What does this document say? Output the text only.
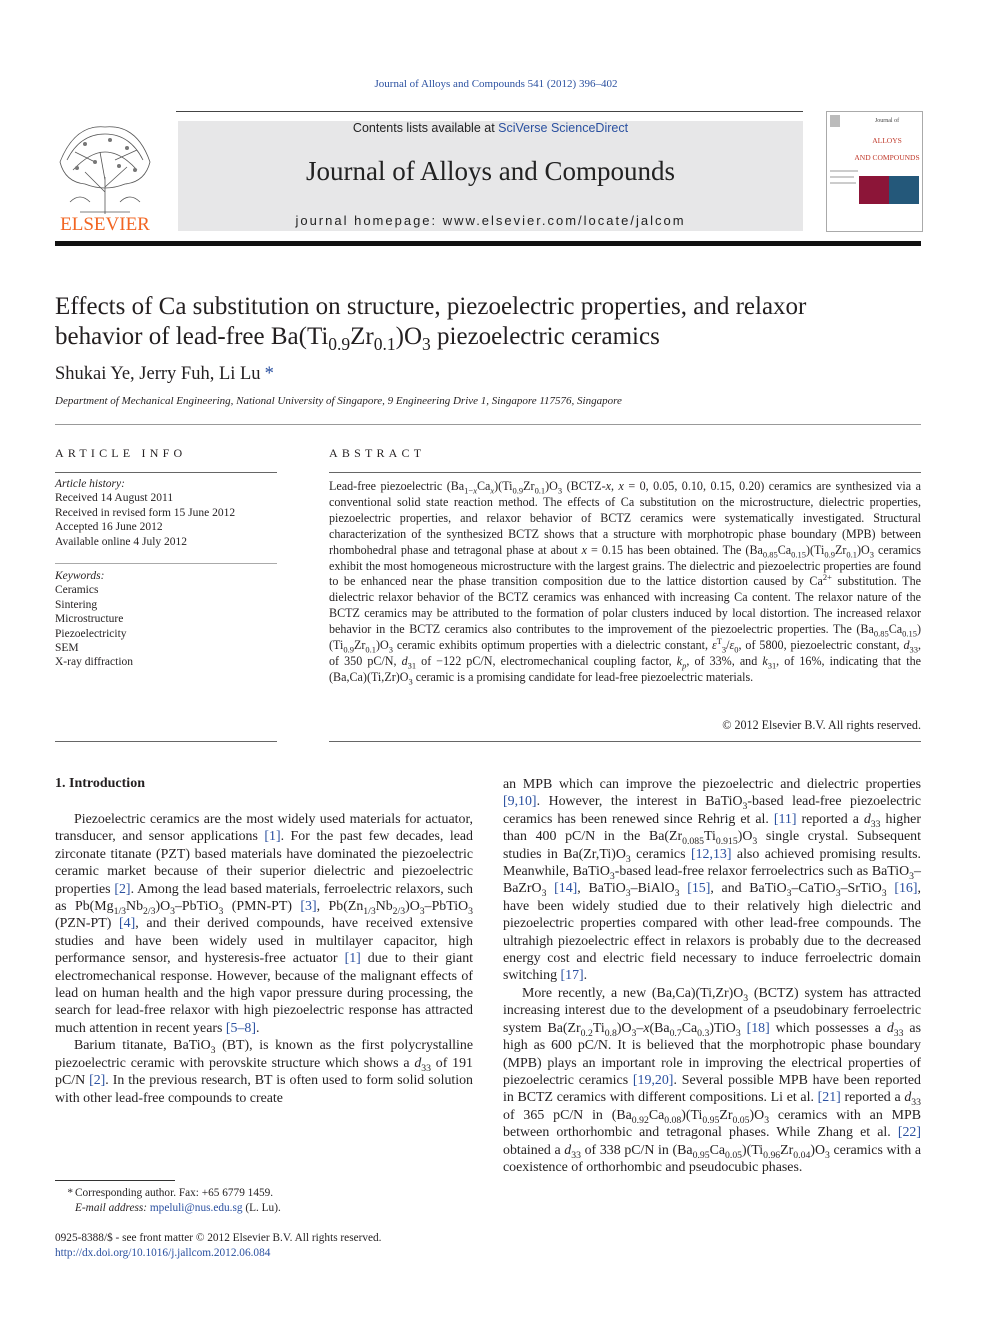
Journal of Alloys and Compounds 541 (2012) 396–402
ELSEVIER
Contents lists available at SciVerse ScienceDirect
Journal of Alloys and Compounds
journal homepage: www.elsevier.com/locate/jalcom
Journal of
ALLOYS
AND COMPOUNDS
Effects of Ca substitution on structure, piezoelectric properties, and relaxor
behavior of lead-free $Ba(Ti_{0.9}Zr_{0.1})O_3$ piezoelectric ceramics
Shukai Ye, Jerry Fuh, Li Lu *
Department of Mechanical Engineering, National University of Singapore, 9 Engineering Drive 1, Singapore 117576, Singapore
ARTICLE INFO
Article history:
Received 14 August 2011
Received in revised form 15 June 2012
Accepted 16 June 2012
Available online 4 July 2012
Keywords:
Ceramics
Sintering
Microstructure
Piezoelectricity
SEM
X-ray diffraction
ABSTRACT
Lead-free piezoelectric $(Ba_{1-x}Ca_x)(Ti_{0.9}Zr_{0.1})O_3$ (BCTZ-x, x = 0, 0.05, 0.10, 0.15, 0.20) ceramics are synthesized via a conventional solid state reaction method. The effects of Ca substitution on the microstructure, dielectric properties, piezoelectric properties, and relaxor behavior of BCTZ ceramics were systematically investigated. Structural characterization of the synthesized BCTZ shows that a structure with morphotropic phase boundary (MPB) between rhombohedral phase and tetragonal phase at about x = 0.15 has been obtained. The $(Ba_{0.85}Ca_{0.15})(Ti_{0.9}Zr_{0.1})O_3$ ceramics exhibit the most homogeneous microstructure with the largest grains. The dielectric and piezoelectric properties are found to be enhanced near the phase transition composition due to the lattice distortion caused by $Ca^{2+}$ substitution. The dielectric relaxor behavior of the BCTZ ceramics was enhanced with increasing Ca content. The relaxor nature of the BCTZ ceramics may be attributed to the formation of polar clusters induced by local distortion. The increased relaxor behavior in the BCTZ ceramics also contributes to the improvement of the piezoelectric properties. The $(Ba_{0.85}Ca_{0.15})(Ti_{0.9}Zr_{0.1})O_3$ ceramic exhibits optimum properties with a dielectric constant, $\varepsilon^T_3/\varepsilon_0$, of 5800, piezoelectric constant, $d_{33}$, of 350 pC/N, $d_{31}$ of −122 pC/N, electromechanical coupling factor, $k_p$, of 33%, and $k_{31}$, of 16%, indicating that the $(Ba,Ca)(Ti,Zr)O_3$ ceramic is a promising candidate for lead-free piezoelectric materials.
© 2012 Elsevier B.V. All rights reserved.
1. Introduction

Piezoelectric ceramics are the most widely used materials for actuator, transducer, and sensor applications [1]. For the past few decades, lead zirconate titanate (PZT) based materials have dominated the piezoelectric ceramic market because of their superior dielectric and piezoelectric properties [2]. Among the lead based materials, ferroelectric relaxors, such as $Pb(Mg_{1/3}Nb_{2/3})O_3-PbTiO_3$ (PMN-PT) [3], $Pb(Zn_{1/3}Nb_{2/3})O_3-PbTiO_3$ (PZN-PT) [4], and their derived compounds, have received extensive studies and have been widely used in multilayer capacitor, high performance sensor, and hysteresis-free actuator [1] due to their giant electromechanical response. However, because of the malignant effects of lead on human health and the high vapor pressure during processing, the search for lead-free relaxor with high piezoelectric response has attracted much attention in recent years [5–8].

Barium titanate, BaTiO$_3$ (BT), is known as the first polycrystalline piezoelectric ceramic with perovskite structure which shows a $d_{33}$ of 191 pC/N [2]. In the previous research, BT is often used to form solid solution with other lead-free compounds to create

an MPB which can improve the piezoelectric and dielectric properties [9,10]. However, the interest in BaTiO$_3$-based lead-free piezoelectric ceramics has been renewed since Rehrig et al. [11] reported a $d_{33}$ higher than 400 pC/N in the $Ba(Zr_{0.085}Ti_{0.915})O_3$ single crystal. Subsequent studies in $Ba(Zr,Ti)O_3$ ceramics [12,13] also achieved promising results. Meanwhile, BaTiO$_3$-based lead-free relaxor ferroelectrics such as BaTiO$_3$–BaZrO$_3$ [14], BaTiO$_3$–BiAlO$_3$ [15], and BaTiO$_3$–CaTiO$_3$–SrTiO$_3$ [16], have been widely studied due to their relatively high dielectric and piezoelectric properties compared with other lead-free compounds. The ultrahigh piezoelectric effect in relaxors is probably due to the decreased energy cost and electric field necessary to induce ferroelectric domain switching [17].

More recently, a new $(Ba,Ca)(Ti,Zr)O_3$ (BCTZ) system has attracted increasing interest due to the development of a pseudobinary ferroelectric system $Ba(Zr_{0.2}Ti_{0.8})O_3-x(Ba_{0.7}Ca_{0.3})TiO_3$ [18] which possesses a $d_{33}$ as high as 600 pC/N. It is believed that the morphotropic phase boundary (MPB) plays an important role in improving the electrical properties of piezoelectric ceramics [19,20]. Several possible MPB have been reported in BCTZ ceramics with different compositions. Li et al. [21] reported a $d_{33}$ of 365 pC/N in $(Ba_{0.92}Ca_{0.08})(Ti_{0.95}Zr_{0.05})O_3$ ceramics with an MPB between orthorhombic and tetragonal phases. While Zhang et al. [22] obtained a $d_{33}$ of 338 pC/N in $(Ba_{0.95}Ca_{0.05})(Ti_{0.96}Zr_{0.04})O_3$ ceramics with a coexistence of orthorhombic and pseudocubic phases.

* Corresponding author. Fax: +65 6779 1459.
E-mail address: mpeluli@nus.edu.sg (L. Lu).
0925-8388/$ - see front matter © 2012 Elsevier B.V. All rights reserved.
http://dx.doi.org/10.1016/j.jallcom.2012.06.084
